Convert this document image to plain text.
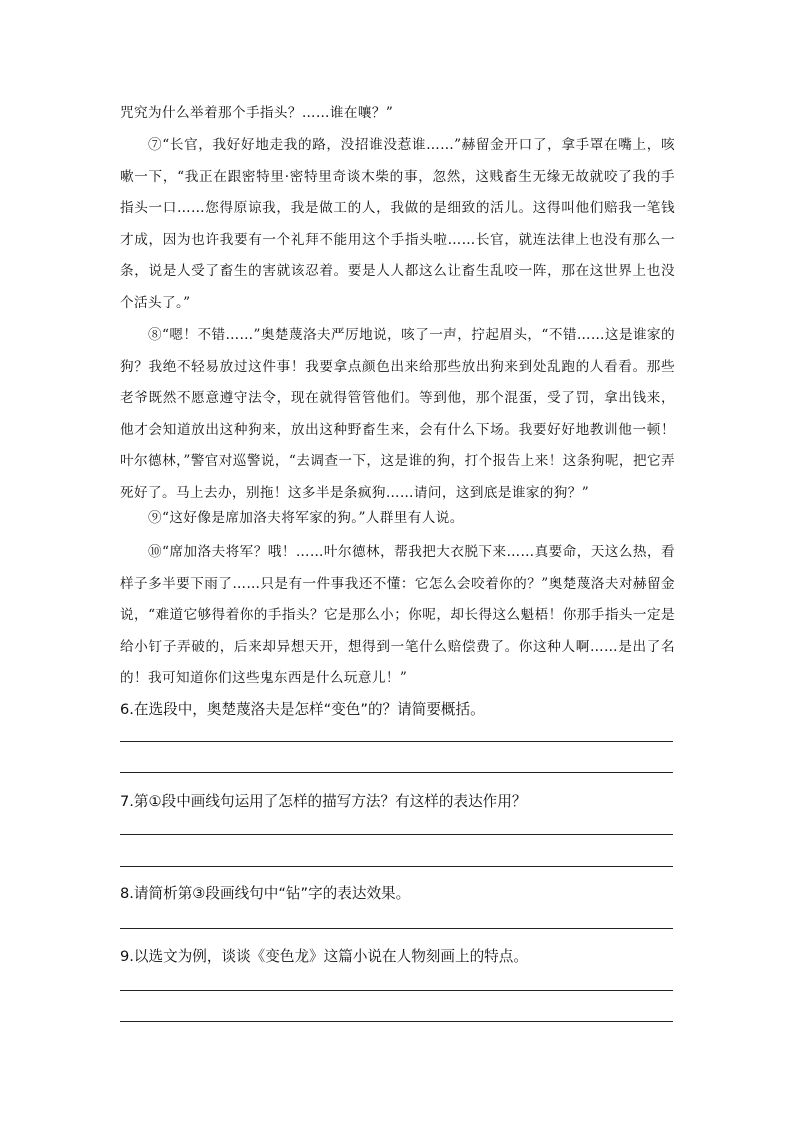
咒究为什么举着那个手指头？……谁在嚷？”

⑦“长官，我好好地走我的路，没招谁没惹谁……”赫留金开口了，拿手罩在嘴上，咳嗽一下，“我正在跟密特里·密特里奇谈木柴的事，忽然，这贱畜生无缘无故就咬了我的手指头一口……您得原谅我，我是做工的人，我做的是细致的活儿。这得叫他们赔我一笔钱才成，因为也许我要有一个礼拜不能用这个手指头啦……长官，就连法律上也没有那么一条，说是人受了畜生的害就该忍着。要是人人都这么让畜生乱咬一阵，那在这世界上也没个活头了。”

⑧“嗯！不错……”奥楚蔑洛夫严厉地说，咳了一声，拧起眉头，“不错……这是谁家的狗？我绝不轻易放过这件事！我要拿点颜色出来给那些放出狗来到处乱跑的人看看。那些老爷既然不愿意遵守法令，现在就得管管他们。等到他，那个混蛋，受了罚，拿出钱来，他才会知道放出这种狗来，放出这种野畜生来，会有什么下场。我要好好地教训他一顿！叶尔德林，”警官对巡警说，“去调查一下，这是谁的狗，打个报告上来！这条狗呢，把它弄死好了。马上去办，别拖！这多半是条疯狗……请问，这到底是谁家的狗？”

⑨“这好像是席加洛夫将军家的狗。”人群里有人说。

⑩“席加洛夫将军？哦！……叶尔德林，帮我把大衣脱下来……真要命，天这么热，看样子多半要下雨了……只是有一件事我还不懂：它怎么会咬着你的？”奥楚蔑洛夫对赫留金说，“难道它够得着你的手指头？它是那么小；你呢，却长得这么魁梧！你那手指头一定是给小钉子弄破的，后来却异想天开，想得到一笔什么赔偿费了。你这种人啊……是出了名的！我可知道你们这些鬼东西是什么玩意儿！”

6.在选段中，奥楚蔑洛夫是怎样“变色”的？请简要概括。

7.第①段中画线句运用了怎样的描写方法？有这样的表达作用？

8.请简析第③段画线句中“钻”字的表达效果。

9.以选文为例，谈谈《变色龙》这篇小说在人物刻画上的特点。
